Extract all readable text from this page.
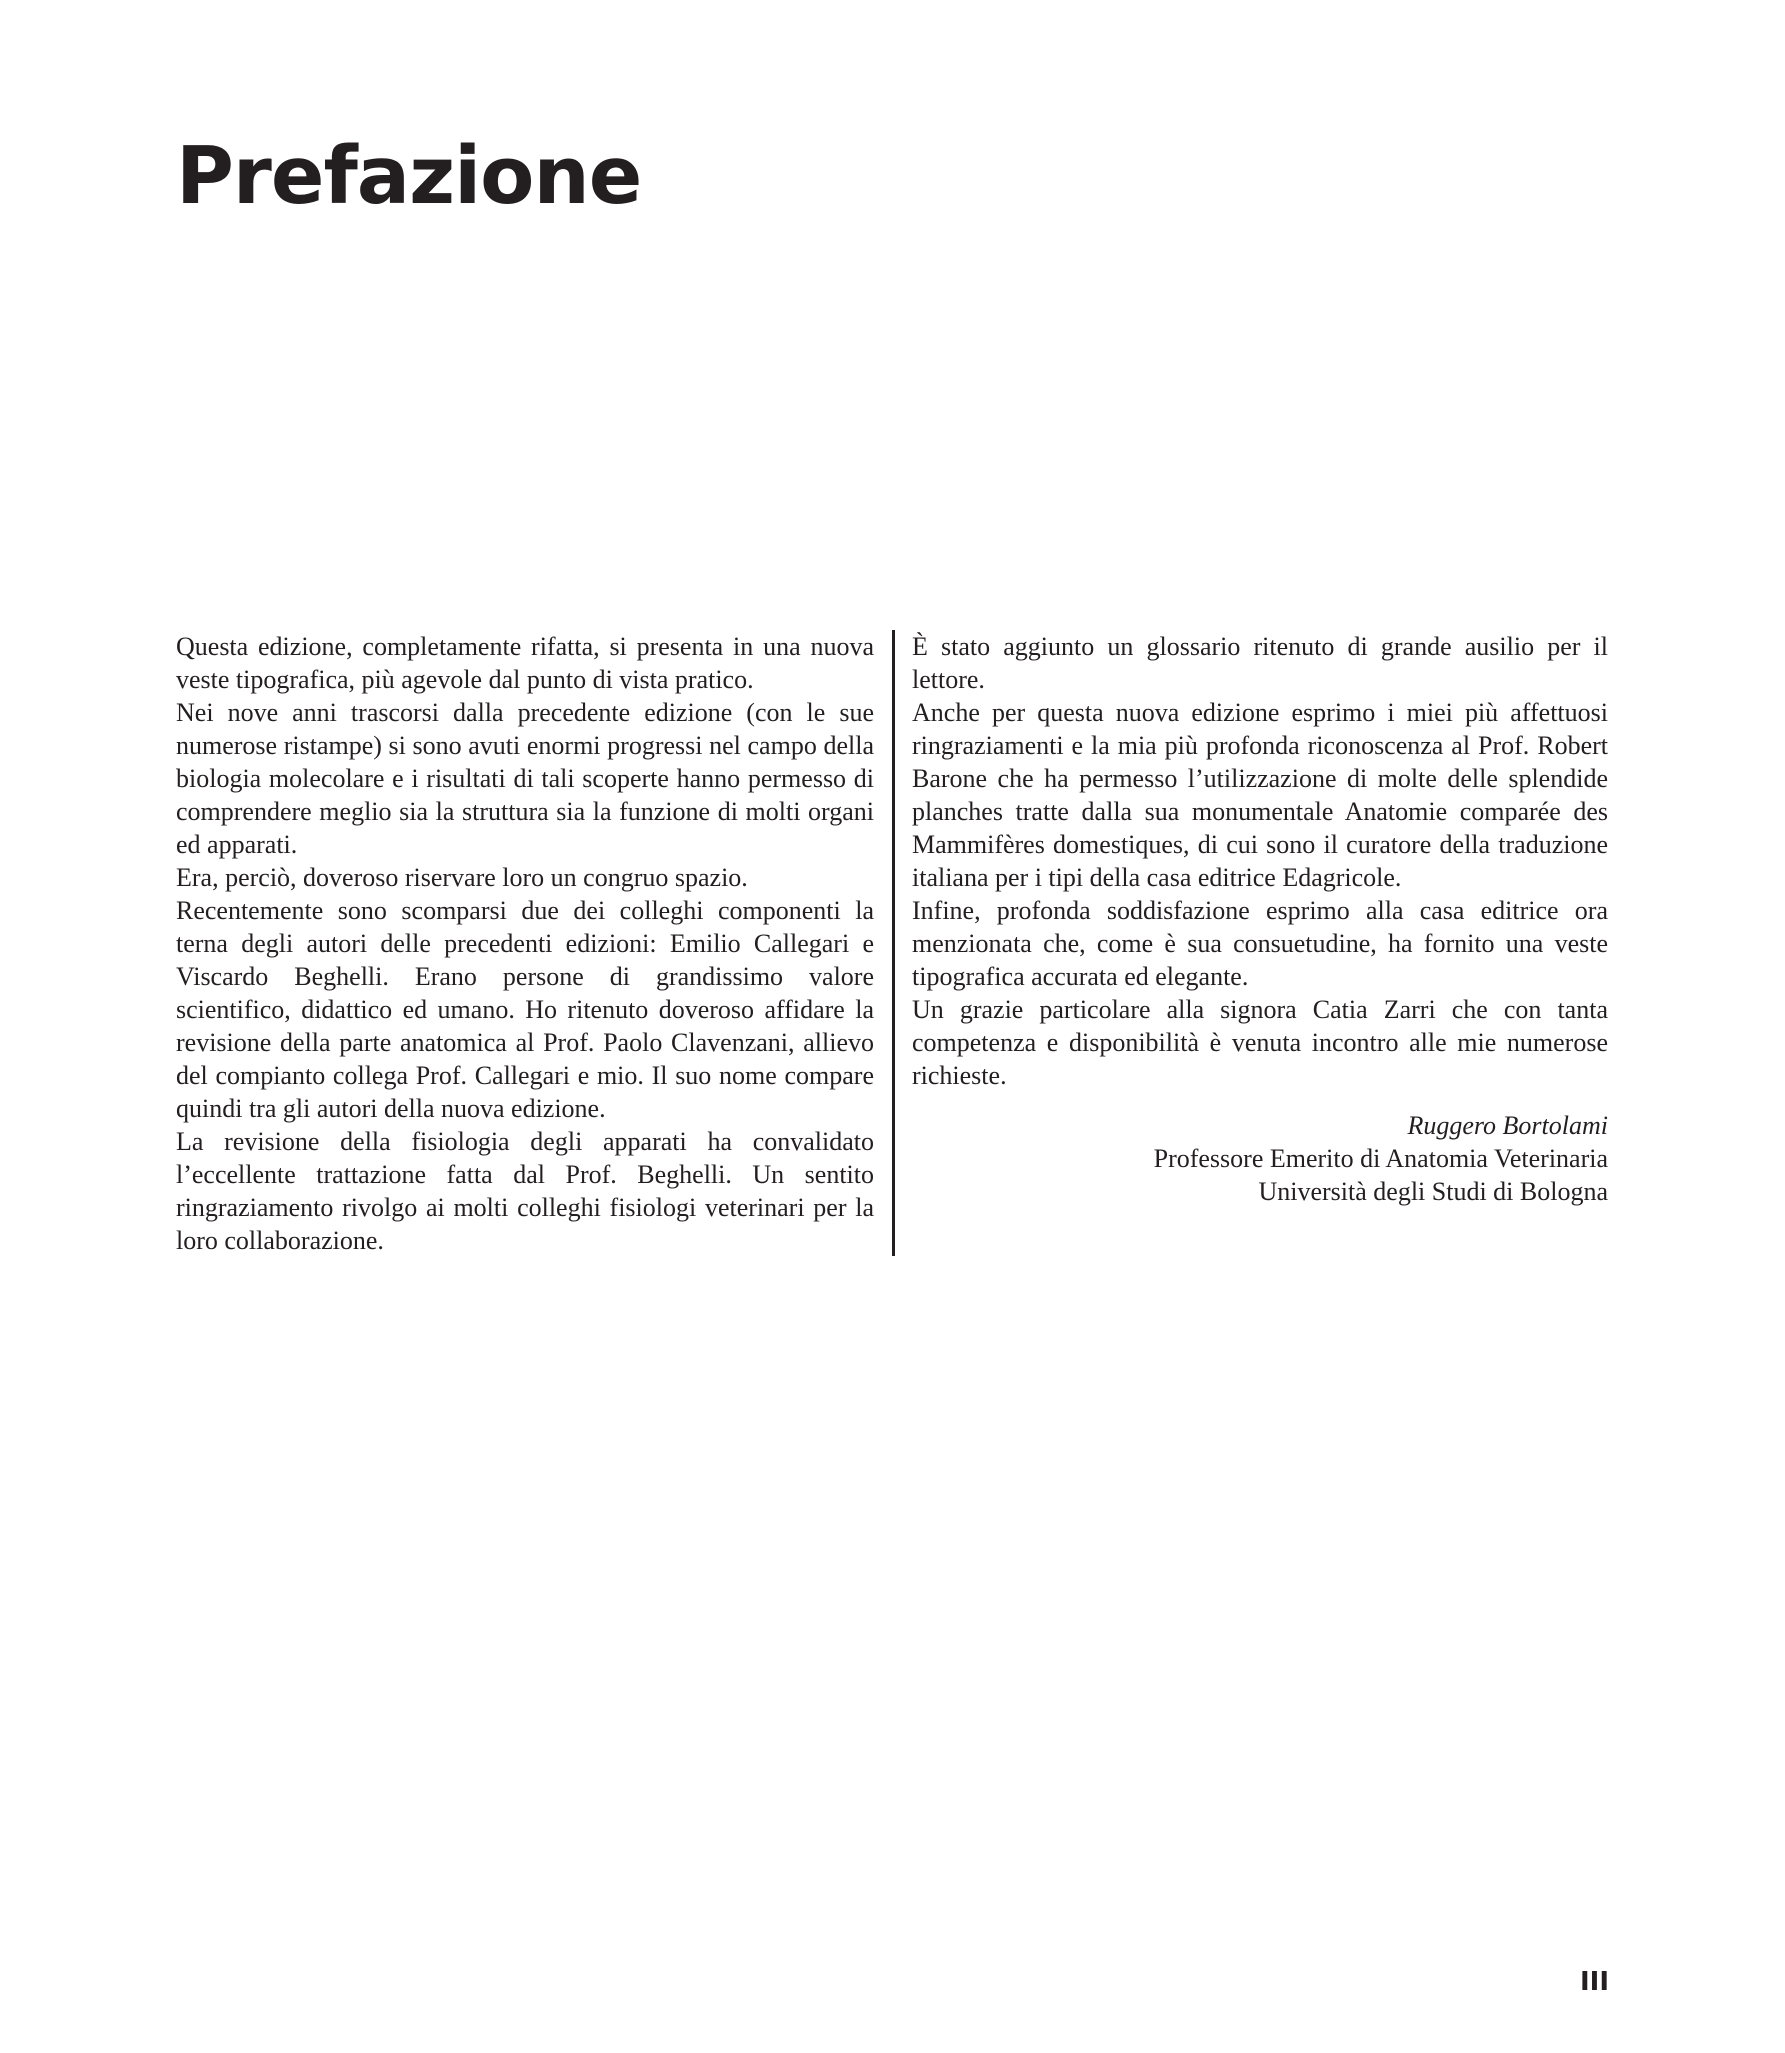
Prefazione

Questa edizione, completamente rifatta, si presenta in una nuova veste tipografica, più agevole dal punto di vista pratico.

Nei nove anni trascorsi dalla precedente edizione (con le sue numerose ristampe) si sono avuti enormi progressi nel campo della biologia molecolare e i risultati di tali scoperte hanno permesso di comprendere meglio sia la struttura sia la funzione di molti organi ed apparati.

Era, perciò, doveroso riservare loro un congruo spazio.

Recentemente sono scomparsi due dei colleghi componenti la terna degli autori delle precedenti edizioni: Emilio Callegari e Viscardo Beghelli. Erano persone di grandissimo valore scientifico, didattico ed umano. Ho ritenuto doveroso affidare la revisione della parte anatomica al Prof. Paolo Clavenzani, allievo del compianto collega Prof. Callegari e mio. Il suo nome compare quindi tra gli autori della nuova edizione.

La revisione della fisiologia degli apparati ha convalidato l’eccellente trattazione fatta dal Prof. Beghelli. Un sentito ringraziamento rivolgo ai molti colleghi fisiologi veterinari per la loro collaborazione.

È stato aggiunto un glossario ritenuto di grande ausilio per il lettore.

Anche per questa nuova edizione esprimo i miei più affettuosi ringraziamenti e la mia più profonda riconoscenza al Prof. Robert Barone che ha permesso l’utilizzazione di molte delle splendide planches tratte dalla sua monumentale Anatomie comparée des Mammifères domestiques, di cui sono il curatore della traduzione italiana per i tipi della casa editrice Edagricole.

Infine, profonda soddisfazione esprimo alla casa editrice ora menzionata che, come è sua consuetudine, ha fornito una veste tipografica accurata ed elegante.

Un grazie particolare alla signora Catia Zarri che con tanta competenza e disponibilità è venuta incontro alle mie numerose richieste.

Ruggero Bortolami
Professore Emerito di Anatomia Veterinaria
Università degli Studi di Bologna
III
